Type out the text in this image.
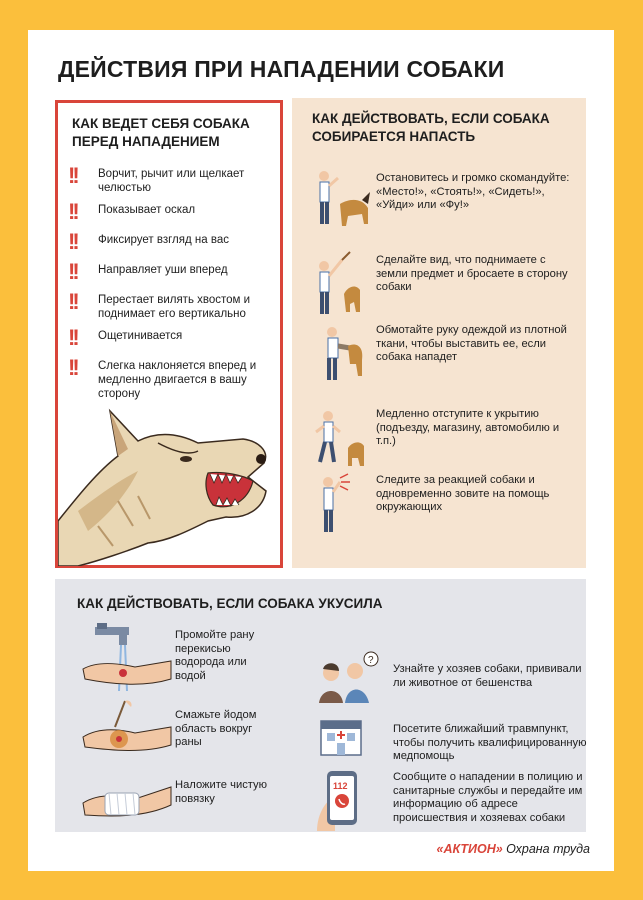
ДЕЙСТВИЯ ПРИ НАПАДЕНИИ СОБАКИ
КАК ВЕДЕТ СЕБЯ СОБАКА ПЕРЕД НАПАДЕНИЕМ
!! Ворчит, рычит или щелкает челюстью
!! Показывает оскал
!! Фиксирует взгляд на вас
!! Направляет уши вперед
!! Перестает вилять хвостом и поднимает его вертикально
!! Ощетинивается
!! Слегка наклоняется вперед и медленно двигается в вашу сторону
КАК ДЕЙСТВОВАТЬ, ЕСЛИ СОБАКА СОБИРАЕТСЯ НАПАСТЬ
Остановитесь и громко скомандуйте: «Место!», «Стоять!», «Сидеть!», «Уйди» или «Фу!»
Сделайте вид, что поднимаете с земли предмет и бросаете в сторону собаки
Обмотайте руку одеждой из плотной ткани, чтобы выставить ее, если собака нападет
Медленно отступите к укрытию (подъезду, магазину, автомобилю и т.п.)
Следите за реакцией собаки и одновременно зовите на помощь окружающих
КАК ДЕЙСТВОВАТЬ, ЕСЛИ СОБАКА УКУСИЛА
Промойте рану перекисью водорода или водой
Смажьте йодом область вокруг раны
Наложите чистую повязку
?
Узнайте у хозяев собаки, прививали ли животное от бешенства
Посетите ближайший травмпункт, чтобы получить квалифицированную медпомощь
112
Сообщите о нападении в полицию и санитарные службы и передайте им информацию об адресе происшествия и хозяевах собаки
«АКТИОН» Охрана труда
